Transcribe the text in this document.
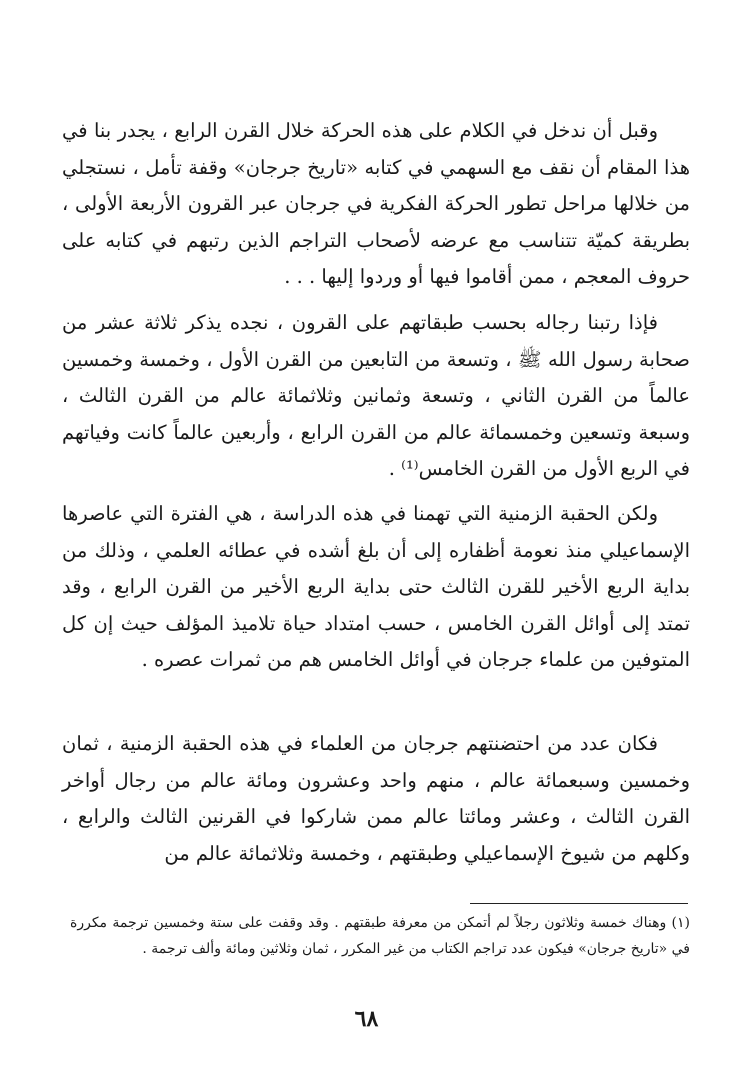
وقبل أن ندخل في الكلام على هذه الحركة خلال القرن الرابع ، يجدر بنا في هذا المقام أن نقف مع السهمي في كتابه «تاريخ جرجان» وقفة تأمل ، نستجلي من خلالها مراحل تطور الحركة الفكرية في جرجان عبر القرون الأربعة الأولى ، بطريقة كميّة تتناسب مع عرضه لأصحاب التراجم الذين رتبهم في كتابه على حروف المعجم ، ممن أقاموا فيها أو وردوا إليها . . .

فإذا رتبنا رجاله بحسب طبقاتهم على القرون ، نجده يذكر ثلاثة عشر من صحابة رسول الله ﷺ ، وتسعة من التابعين من القرن الأول ، وخمسة وخمسين عالماً من القرن الثاني ، وتسعة وثمانين وثلاثمائة عالم من القرن الثالث ، وسبعة وتسعين وخمسمائة عالم من القرن الرابع ، وأربعين عالماً كانت وفياتهم في الربع الأول من القرن الخامس⁽¹⁾ .

ولكن الحقبة الزمنية التي تهمنا في هذه الدراسة ، هي الفترة التي عاصرها الإسماعيلي منذ نعومة أظفاره إلى أن بلغ أشده في عطائه العلمي ، وذلك من بداية الربع الأخير للقرن الثالث حتى بداية الربع الأخير من القرن الرابع ، وقد تمتد إلى أوائل القرن الخامس ، حسب امتداد حياة تلاميذ المؤلف حيث إن كل المتوفين من علماء جرجان في أوائل الخامس هم من ثمرات عصره .

فكان عدد من احتضنتهم جرجان من العلماء في هذه الحقبة الزمنية ، ثمان وخمسين وسبعمائة عالم ، منهم واحد وعشرون ومائة عالم من رجال أواخر القرن الثالث ، وعشر ومائتا عالم ممن شاركوا في القرنين الثالث والرابع ، وكلهم من شيوخ الإسماعيلي وطبقتهم ، وخمسة وثلاثمائة عالم من

(١) وهناك خمسة وثلاثون رجلاً لم أتمكن من معرفة طبقتهم . وقد وقفت على ستة وخمسين ترجمة مكررة في «تاريخ جرجان» فيكون عدد تراجم الكتاب من غير المكرر ، ثمان وثلاثين ومائة وألف ترجمة .

٦٨
